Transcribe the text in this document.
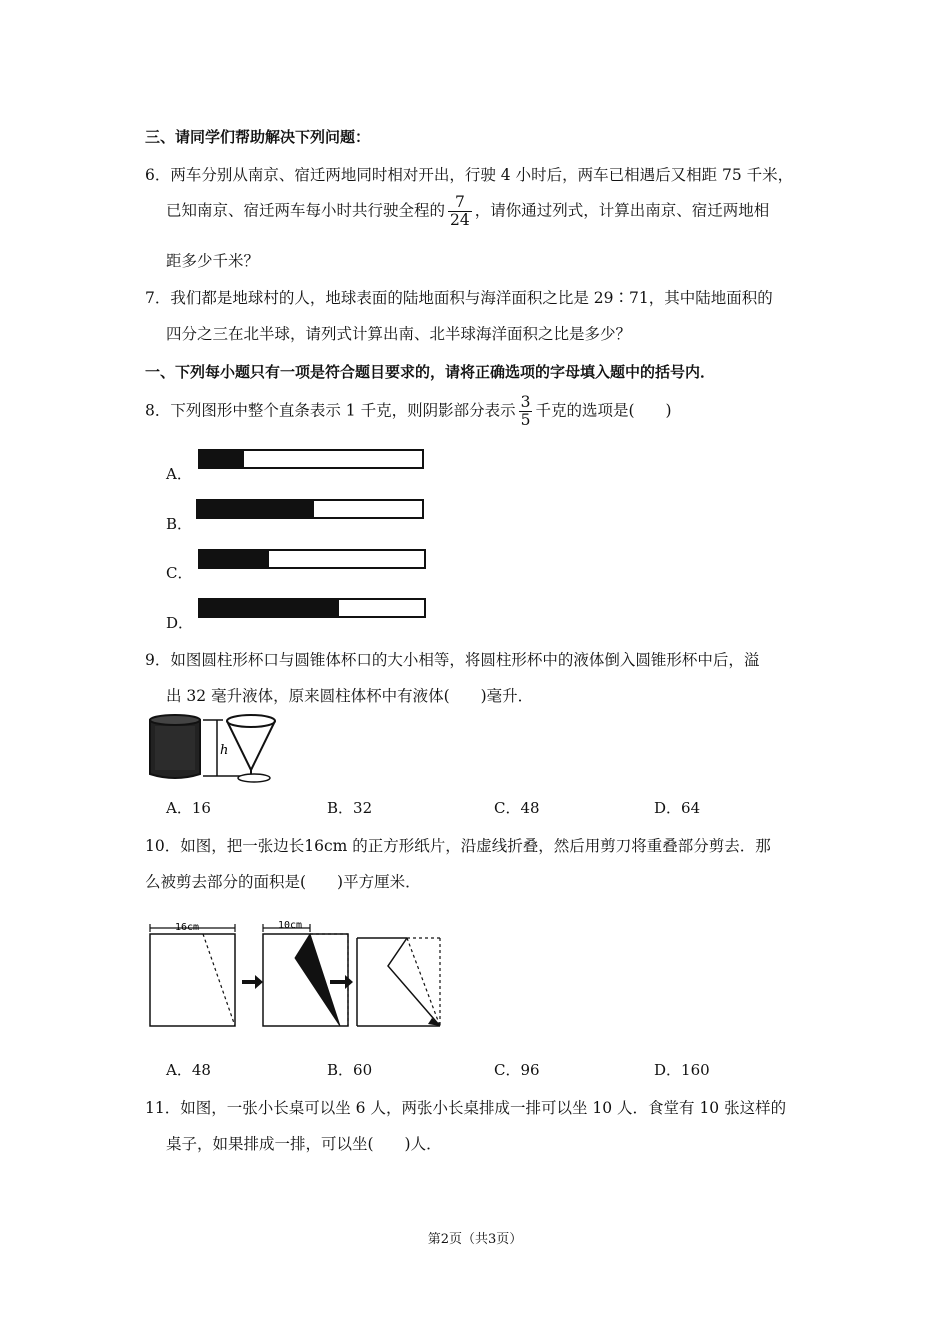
三、请同学们帮助解决下列问题：
6．两车分别从南京、宿迁两地同时相对开出，行驶 4 小时后，两车已相遇后又相距 75 千米，
已知南京、宿迁两车每小时共行驶全程的 $\frac{7}{24}$ ，请你通过列式，计算出南京、宿迁两地相
距多少千米？
7．我们都是地球村的人，地球表面的陆地面积与海洋面积之比是 29∶71，其中陆地面积的
四分之三在北半球，请列式计算出南、北半球海洋面积之比是多少？
一、下列每小题只有一项是符合题目要求的，请将正确选项的字母填入题中的括号内．
8．下列图形中整个直条表示 1 千克，则阴影部分表示 $\frac{3}{5}$ 千克的选项是(　　)
A．
B．
C．
D．
9．如图圆柱形杯口与圆锥体杯口的大小相等，将圆柱形杯中的液体倒入圆锥形杯中后，溢
出 32 毫升液体，原来圆柱体杯中有液体(　　)毫升．
h
A．16	B．32	C．48	D．64
10．如图，把一张边长16cm 的正方形纸片，沿虚线折叠，然后用剪刀将重叠部分剪去．那
么被剪去部分的面积是(　　)平方厘米．
16cm	10cm
A．48	B．60	C．96	D．160
11．如图，一张小长桌可以坐 6 人，两张小长桌排成一排可以坐 10 人．食堂有 10 张这样的
桌子，如果排成一排，可以坐(　　)人．
第2页（共3页）
